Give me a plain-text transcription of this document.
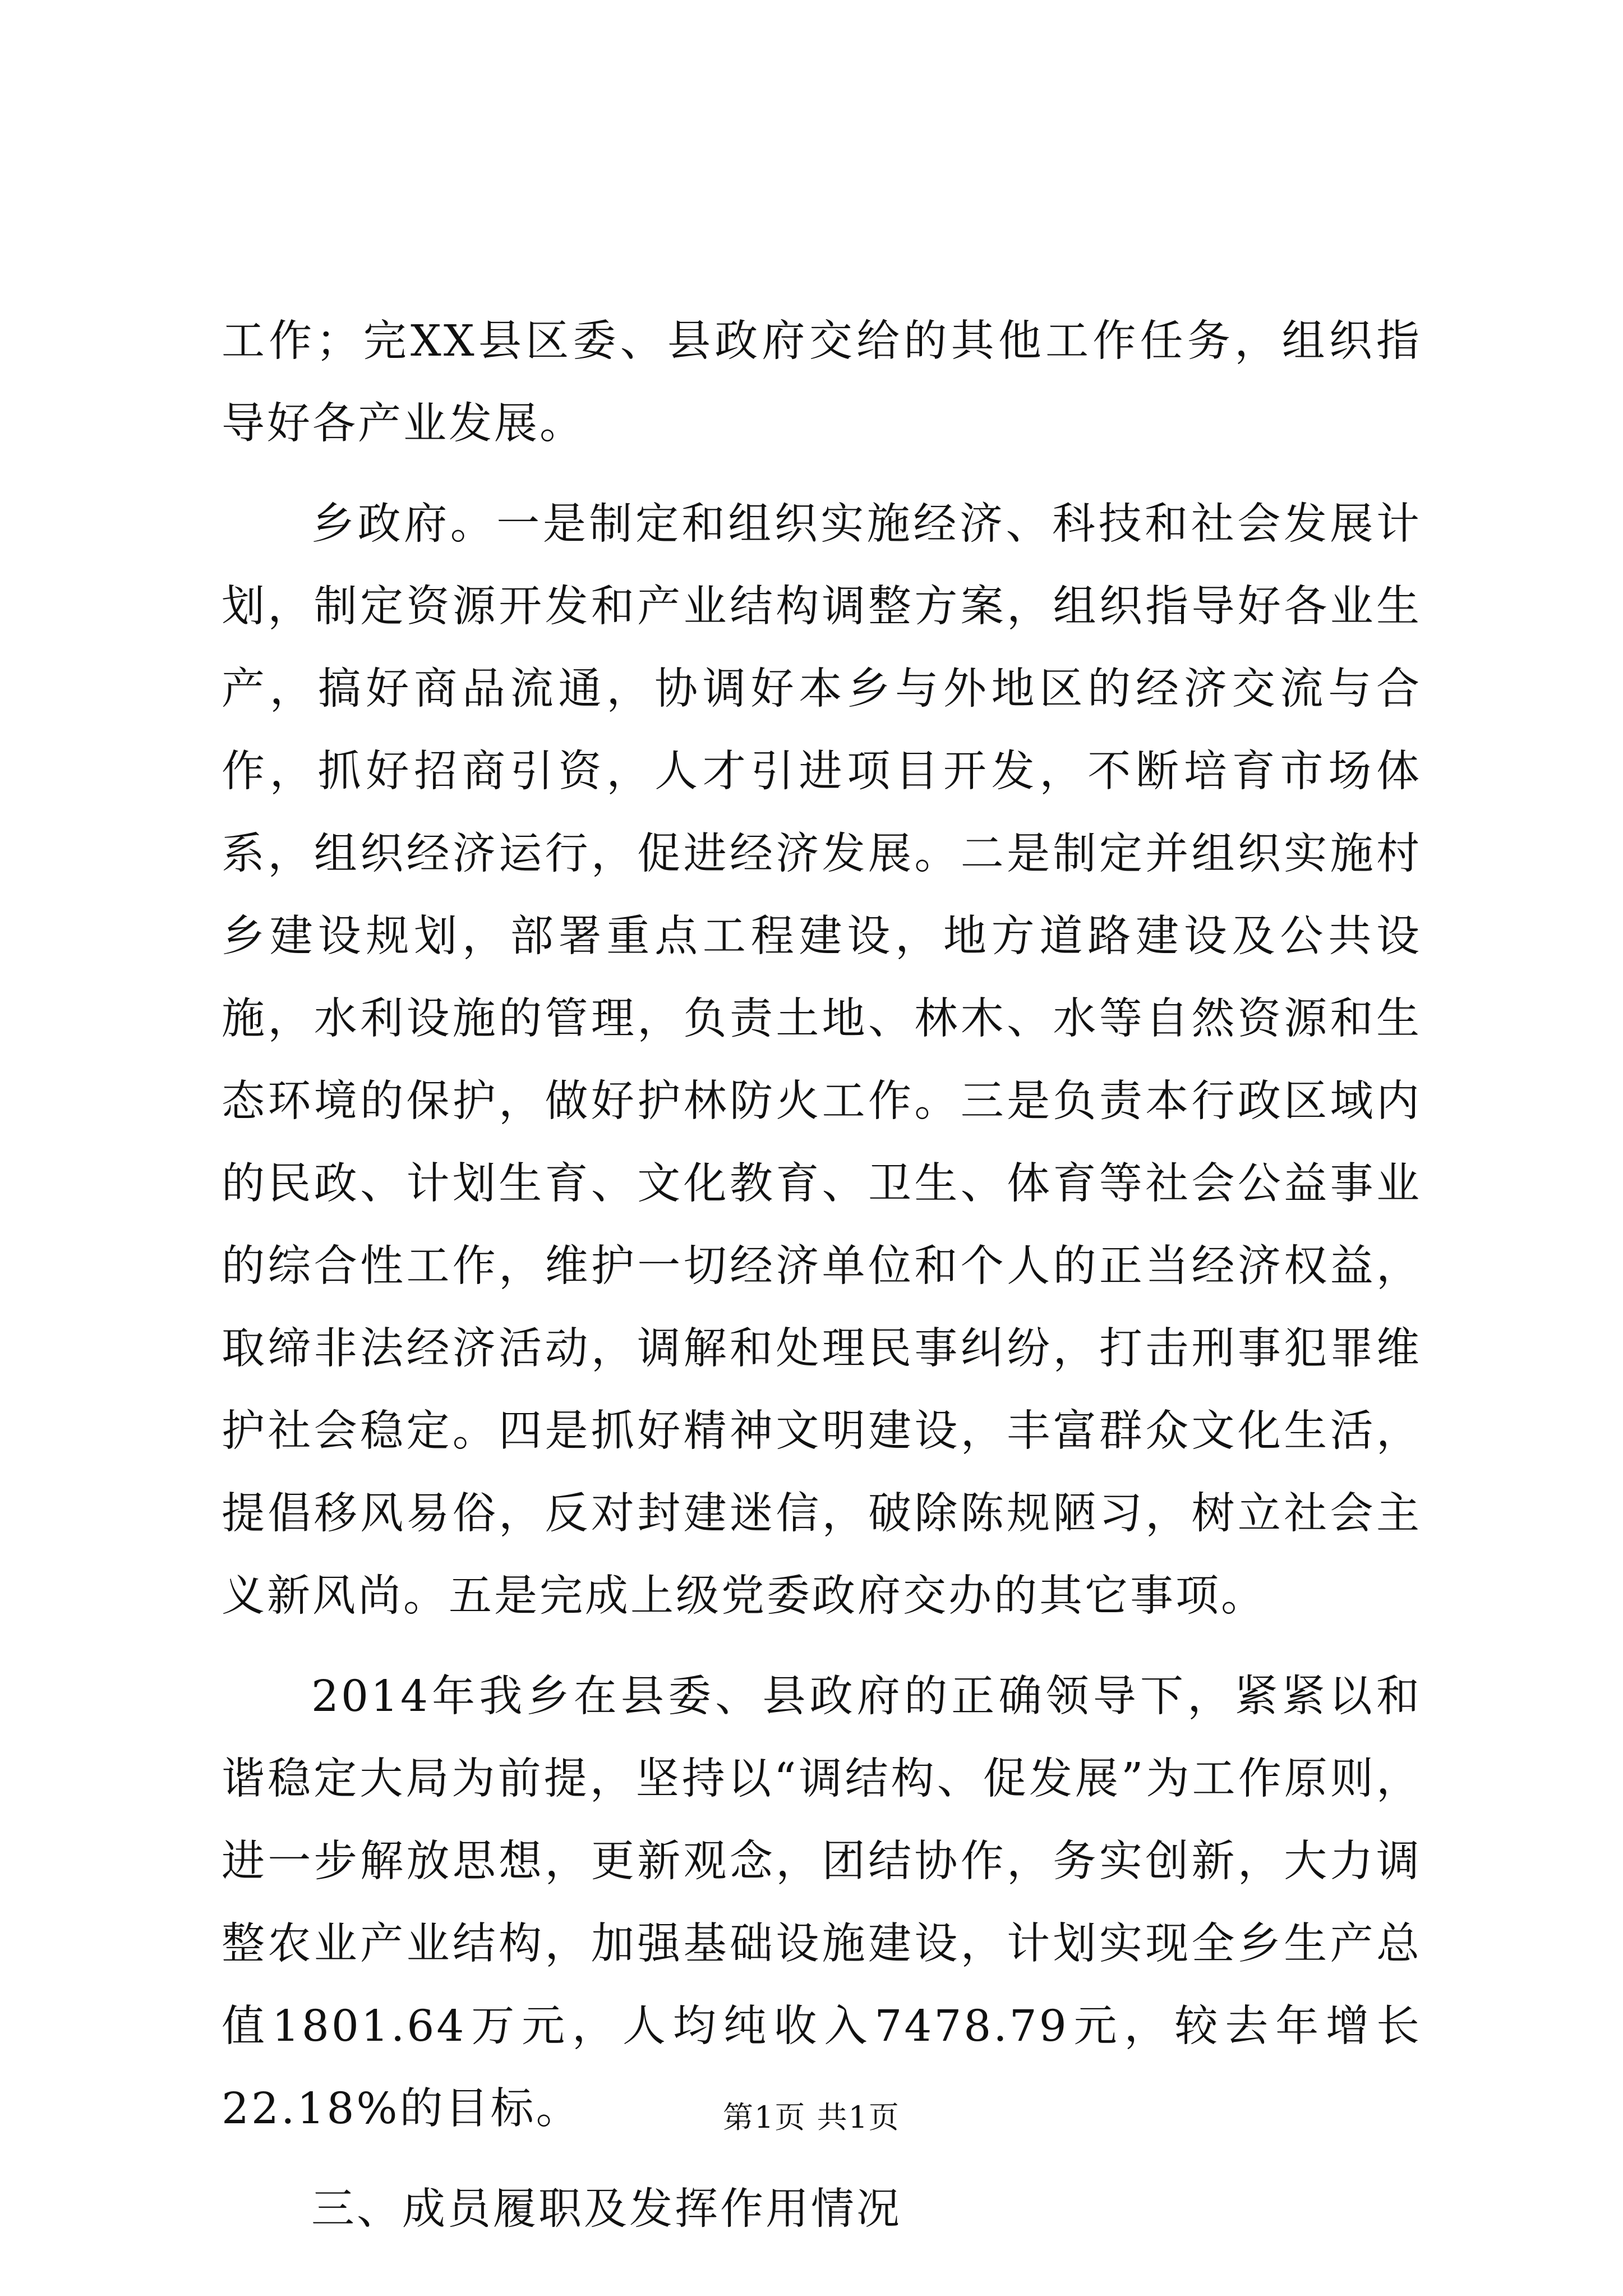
工作；完XX县区委、县政府交给的其他工作任务，组织指导好各产业发展。

乡政府。一是制定和组织实施经济、科技和社会发展计划，制定资源开发和产业结构调整方案，组织指导好各业生产，搞好商品流通，协调好本乡与外地区的经济交流与合作，抓好招商引资，人才引进项目开发，不断培育市场体系，组织经济运行，促进经济发展。二是制定并组织实施村乡建设规划，部署重点工程建设，地方道路建设及公共设施，水利设施的管理，负责土地、林木、水等自然资源和生态环境的保护，做好护林防火工作。三是负责本行政区域内的民政、计划生育、文化教育、卫生、体育等社会公益事业的综合性工作，维护一切经济单位和个人的正当经济权益，取缔非法经济活动，调解和处理民事纠纷，打击刑事犯罪维护社会稳定。四是抓好精神文明建设，丰富群众文化生活，提倡移风易俗，反对封建迷信，破除陈规陋习，树立社会主义新风尚。五是完成上级党委政府交办的其它事项。

2014年我乡在县委、县政府的正确领导下，紧紧以和谐稳定大局为前提，坚持以“调结构、促发展”为工作原则，进一步解放思想，更新观念，团结协作，务实创新，大力调整农业产业结构，加强基础设施建设，计划实现全乡生产总值1801.64万元，人均纯收入7478.79元，较去年增长22.18%的目标。

三、成员履职及发挥作用情况

第1页 共1页
